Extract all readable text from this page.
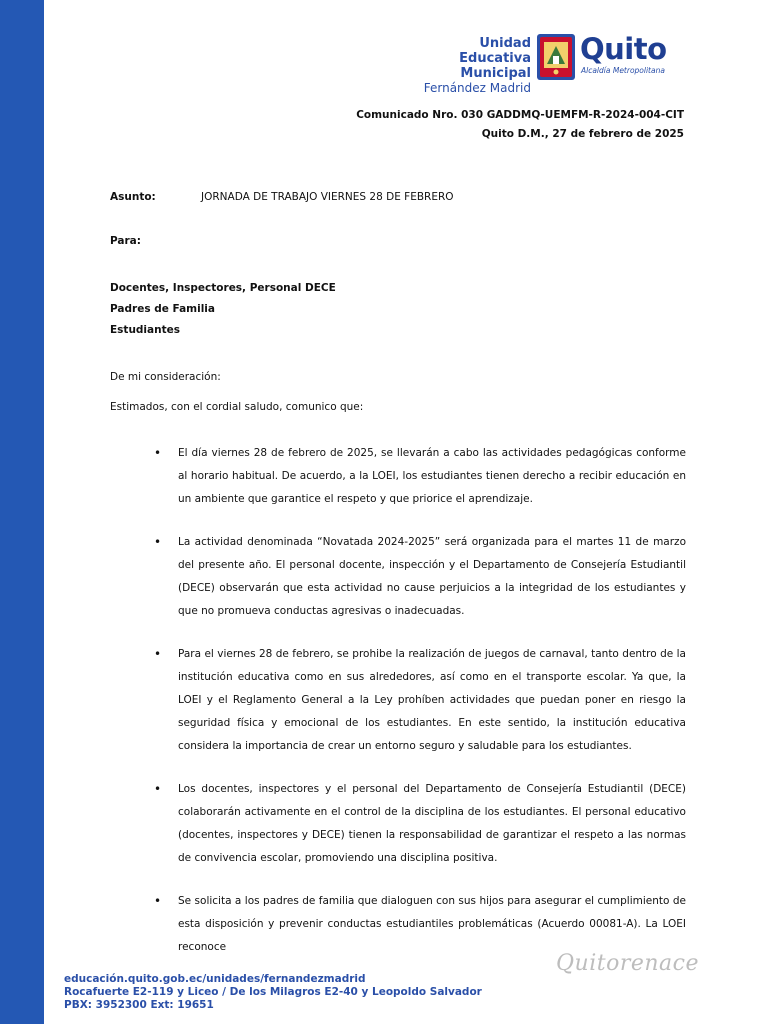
Unidad
Educativa Municipal
Fernández Madrid
Quito
Alcaldía Metropolitana
Comunicado Nro. 030 GADDMQ-UEMFM-R-2024-004-CIT
Quito D.M., 27 de febrero de 2025
Asunto:	JORNADA DE TRABAJO VIERNES 28 DE FEBRERO
Para:
Docentes, Inspectores, Personal DECE
Padres de Familia
Estudiantes
De mi consideración:
Estimados, con el cordial saludo, comunico que:
• El día viernes 28 de febrero de 2025, se llevarán a cabo las actividades pedagógicas conforme al horario habitual. De acuerdo, a la LOEI, los estudiantes tienen derecho a recibir educación en un ambiente que garantice el respeto y que priorice el aprendizaje.
• La actividad denominada “Novatada 2024-2025” será organizada para el martes 11 de marzo del presente año. El personal docente, inspección y el Departamento de Consejería Estudiantil (DECE) observarán que esta actividad no cause perjuicios a la integridad de los estudiantes y que no promueva conductas agresivas o inadecuadas.
• Para el viernes 28 de febrero, se prohibe la realización de juegos de carnaval, tanto dentro de la institución educativa como en sus alrededores, así como en el transporte escolar. Ya que, la LOEI y el Reglamento General a la Ley prohíben actividades que puedan poner en riesgo la seguridad física y emocional de los estudiantes. En este sentido, la institución educativa considera la importancia de crear un entorno seguro y saludable para los estudiantes.
• Los docentes, inspectores y el personal del Departamento de Consejería Estudiantil (DECE) colaborarán activamente en el control de la disciplina de los estudiantes. El personal educativo (docentes, inspectores y DECE) tienen la responsabilidad de garantizar el respeto a las normas de convivencia escolar, promoviendo una disciplina positiva.
• Se solicita a los padres de familia que dialoguen con sus hijos para asegurar el cumplimiento de esta disposición y prevenir conductas estudiantiles problemáticas (Acuerdo 00081-A). La LOEI reconoce
educación.quito.gob.ec/unidades/fernandezmadrid
Rocafuerte E2-119 y Liceo / De los Milagros E2-40 y Leopoldo Salvador
PBX: 3952300 Ext: 19651
Quitorenace
